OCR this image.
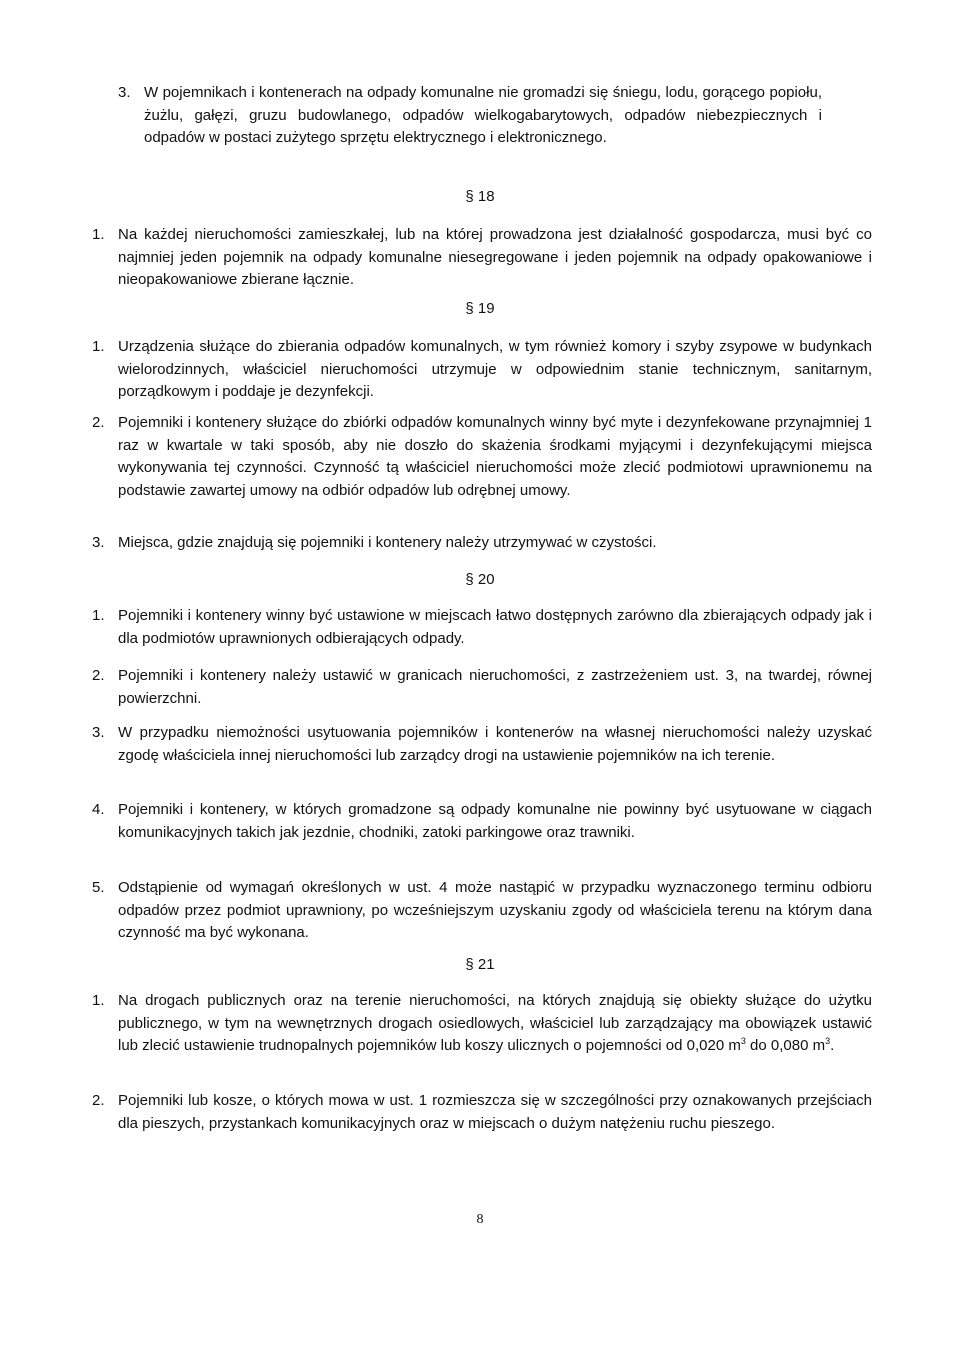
3. W pojemnikach i kontenerach na odpady komunalne nie gromadzi się śniegu, lodu, gorącego popiołu, żużlu, gałęzi, gruzu budowlanego, odpadów wielkogabarytowych, odpadów niebezpiecznych i odpadów w postaci zużytego sprzętu elektrycznego i elektronicznego.

§ 18

1. Na każdej nieruchomości zamieszkałej, lub na której prowadzona jest działalność gospodarcza, musi być co najmniej jeden pojemnik na odpady komunalne niesegregowane i jeden pojemnik na odpady opakowaniowe i nieopakowaniowe zbierane łącznie.

§ 19

1. Urządzenia służące do zbierania odpadów komunalnych, w tym również komory i szyby zsypowe w budynkach wielorodzinnych, właściciel nieruchomości utrzymuje w odpowiednim stanie technicznym, sanitarnym, porządkowym i poddaje je dezynfekcji.

2. Pojemniki i kontenery służące do zbiórki odpadów komunalnych winny być myte i dezynfekowane przynajmniej 1 raz w kwartale w taki sposób, aby nie doszło do skażenia środkami myjącymi i dezynfekującymi miejsca wykonywania tej czynności. Czynność tą właściciel nieruchomości może zlecić podmiotowi uprawnionemu na podstawie zawartej umowy na odbiór odpadów lub odrębnej umowy.

3. Miejsca, gdzie znajdują się pojemniki i kontenery należy utrzymywać w czystości.

§ 20

1. Pojemniki i kontenery winny być ustawione w miejscach łatwo dostępnych zarówno dla zbierających odpady jak i dla podmiotów uprawnionych odbierających odpady.

2. Pojemniki i kontenery należy ustawić w granicach nieruchomości, z zastrzeżeniem ust. 3, na twardej, równej powierzchni.

3. W przypadku niemożności usytuowania pojemników i kontenerów na własnej nieruchomości należy uzyskać zgodę właściciela innej nieruchomości lub zarządcy drogi na ustawienie pojemników na ich terenie.

4. Pojemniki i kontenery, w których gromadzone są odpady komunalne nie powinny być usytuowane w ciągach komunikacyjnych takich jak jezdnie, chodniki, zatoki parkingowe oraz trawniki.

5. Odstąpienie od wymagań określonych w ust. 4 może nastąpić w przypadku wyznaczonego terminu odbioru odpadów przez podmiot uprawniony, po wcześniejszym uzyskaniu zgody od właściciela terenu na którym dana czynność ma być wykonana.

§ 21

1. Na drogach publicznych oraz na terenie nieruchomości, na których znajdują się obiekty służące do użytku publicznego, w tym na wewnętrznych drogach osiedlowych, właściciel lub zarządzający ma obowiązek ustawić lub zlecić ustawienie trudnopalnych pojemników lub koszy ulicznych o pojemności od 0,020 $m^3$ do 0,080 $m^3$.

2. Pojemniki lub kosze, o których mowa w ust. 1 rozmieszcza się w szczególności przy oznakowanych przejściach dla pieszych, przystankach komunikacyjnych oraz w miejscach o dużym natężeniu ruchu pieszego.

8
